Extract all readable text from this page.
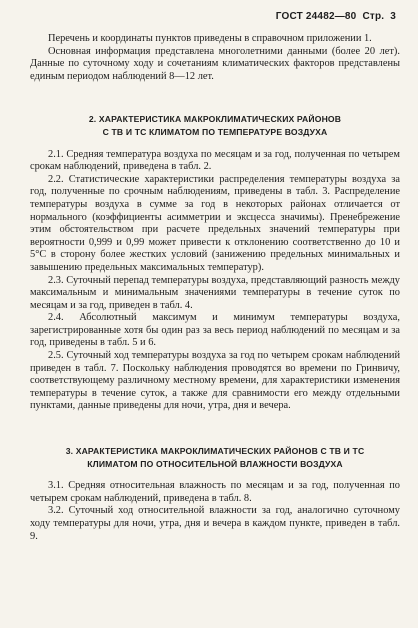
ГОСТ 24482—80 Стр. 3

Перечень и координаты пунктов приведены в справочном приложении 1.

Основная информация представлена многолетними данными (более 20 лет). Данные по суточному ходу и сочетаниям климатических факторов представлены единым периодом наблюдений 8—12 лет.

2. ХАРАКТЕРИСТИКА МАКРОКЛИМАТИЧЕСКИХ РАЙОНОВ
С ТВ И ТС КЛИМАТОМ ПО ТЕМПЕРАТУРЕ ВОЗДУХА

2.1. Средняя температура воздуха по месяцам и за год, полученная по четырем срокам наблюдений, приведена в табл. 2.

2.2. Статистические характеристики распределения температуры воздуха за год, полученные по срочным наблюдениям, приведены в табл. 3. Распределение температуры воздуха в сумме за год в некоторых районах отличается от нормального (коэффициенты асимметрии и эксцесса значимы). Пренебрежение этим обстоятельством при расчете предельных значений температуры при вероятности 0,999 и 0,99 может привести к отклонению соответственно до 10 и 5°С в сторону более жестких условий (занижению предельных минимальных и завышению предельных максимальных температур).

2.3. Суточный перепад температуры воздуха, представляющий разность между максимальным и минимальным значениями температуры в течение суток по месяцам и за год, приведен в табл. 4.

2.4. Абсолютный максимум и минимум температуры воздуха, зарегистрированные хотя бы один раз за весь период наблюдений по месяцам и за год, приведены в табл. 5 и 6.

2.5. Суточный ход температуры воздуха за год по четырем срокам наблюдений приведен в табл. 7. Поскольку наблюдения проводятся во времени по Гринвичу, соответствующему различному местному времени, для характеристики изменения температуры в течение суток, а также для сравнимости его между отдельными пунктами, данные приведены для ночи, утра, дня и вечера.

3. ХАРАКТЕРИСТИКА МАКРОКЛИМАТИЧЕСКИХ РАЙОНОВ С ТВ И ТС
КЛИМАТОМ ПО ОТНОСИТЕЛЬНОЙ ВЛАЖНОСТИ ВОЗДУХА

3.1. Средняя относительная влажность по месяцам и за год, полученная по четырем срокам наблюдений, приведена в табл. 8.

3.2. Суточный ход относительной влажности за год, аналогично суточному ходу температуры для ночи, утра, дня и вечера в каждом пункте, приведен в табл. 9.
